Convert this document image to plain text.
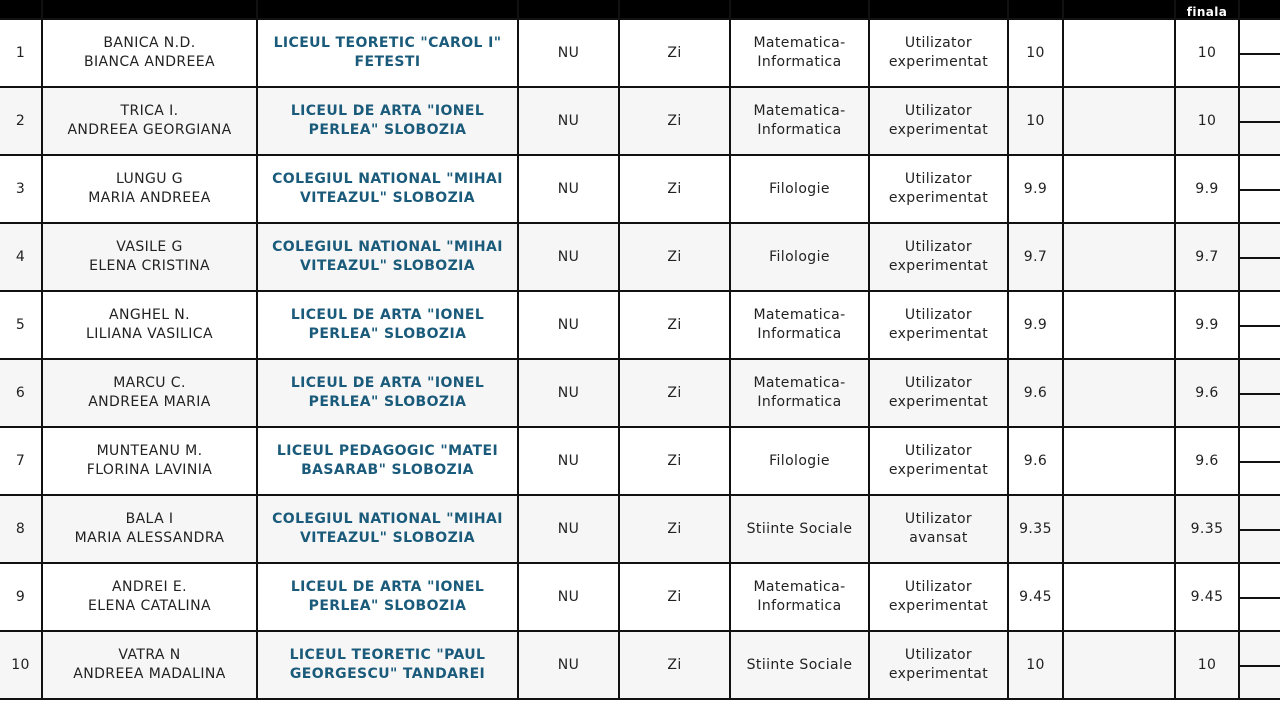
									finala	
1	BANICA N.D.
BIANCA ANDREEA	LICEUL TEORETIC "CAROL I"
FETESTI	NU	Zi	Matematica-
Informatica	Utilizator
experimentat	10		10	

2	TRICA I.
ANDREEA GEORGIANA	LICEUL DE ARTA "IONEL
PERLEA" SLOBOZIA	NU	Zi	Matematica-
Informatica	Utilizator
experimentat	10		10	

3	LUNGU G
MARIA ANDREEA	COLEGIUL NATIONAL "MIHAI
VITEAZUL" SLOBOZIA	NU	Zi	Filologie	Utilizator
experimentat	9.9		9.9	

4	VASILE G
ELENA CRISTINA	COLEGIUL NATIONAL "MIHAI
VITEAZUL" SLOBOZIA	NU	Zi	Filologie	Utilizator
experimentat	9.7		9.7	

5	ANGHEL N.
LILIANA VASILICA	LICEUL DE ARTA "IONEL
PERLEA" SLOBOZIA	NU	Zi	Matematica-
Informatica	Utilizator
experimentat	9.9		9.9	

6	MARCU C.
ANDREEA MARIA	LICEUL DE ARTA "IONEL
PERLEA" SLOBOZIA	NU	Zi	Matematica-
Informatica	Utilizator
experimentat	9.6		9.6	

7	MUNTEANU M.
FLORINA LAVINIA	LICEUL PEDAGOGIC "MATEI
BASARAB" SLOBOZIA	NU	Zi	Filologie	Utilizator
experimentat	9.6		9.6	

8	BALA I
MARIA ALESSANDRA	COLEGIUL NATIONAL "MIHAI
VITEAZUL" SLOBOZIA	NU	Zi	Stiinte Sociale	Utilizator
avansat	9.35		9.35	

9	ANDREI E.
ELENA CATALINA	LICEUL DE ARTA "IONEL
PERLEA" SLOBOZIA	NU	Zi	Matematica-
Informatica	Utilizator
experimentat	9.45		9.45	

10	VATRA N
ANDREEA MADALINA	LICEUL TEORETIC "PAUL
GEORGESCU" TANDAREI	NU	Zi	Stiinte Sociale	Utilizator
experimentat	10		10	
